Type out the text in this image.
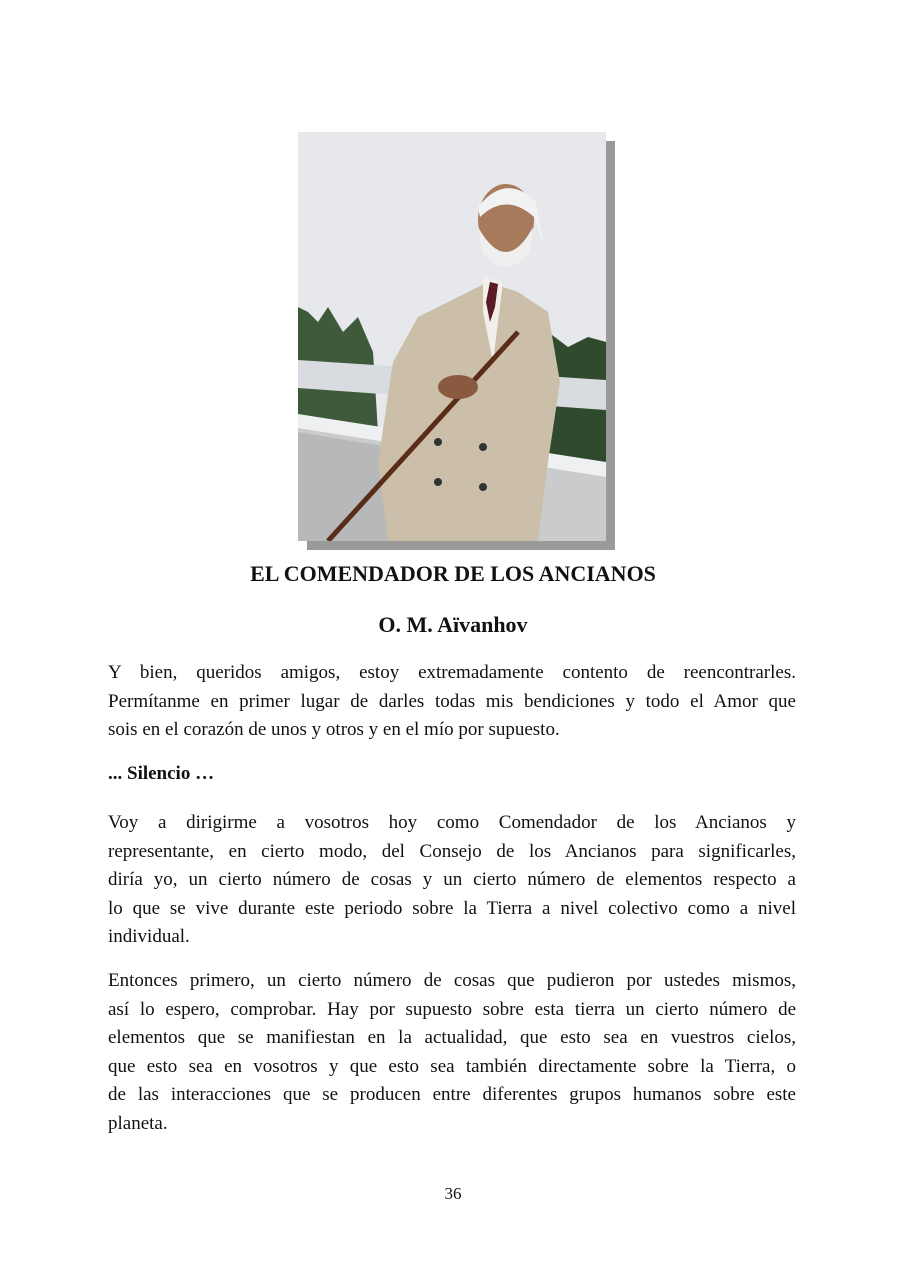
EL COMENDADOR DE LOS ANCIANOS
O. M. Aïvanhov
Y bien, queridos amigos, estoy extremadamente contento de reencontrarles.
Permítanme en primer lugar de darles todas mis bendiciones y todo el Amor que
sois en el corazón de unos y otros y en el mío por supuesto.
... Silencio …
Voy a dirigirme a vosotros hoy como Comendador de los Ancianos y
representante, en cierto modo, del Consejo de los Ancianos para significarles,
diría yo, un cierto número de cosas y un cierto número de elementos respecto a
lo que se vive durante este periodo sobre la Tierra a nivel colectivo como a nivel
individual.
Entonces primero, un cierto número de cosas que pudieron por ustedes mismos,
así lo espero, comprobar. Hay por supuesto sobre esta tierra un cierto número de
elementos que se manifiestan en la actualidad, que esto sea en vuestros cielos,
que esto sea en vosotros y que esto sea también directamente sobre la Tierra, o
de las interacciones que se producen entre diferentes grupos humanos sobre este
planeta.
36
